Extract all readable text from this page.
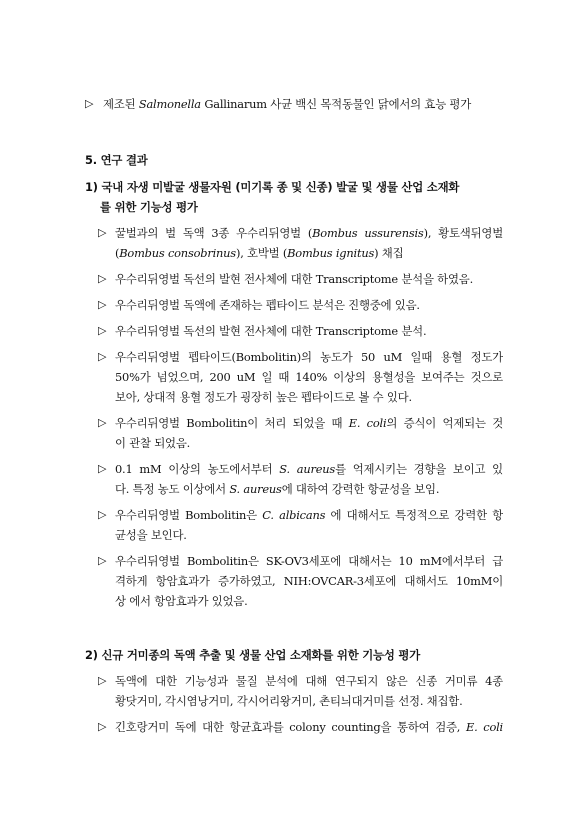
▷ 제조된 Salmonella Gallinarum 사균 백신 목적동물인 닭에서의 효능 평가
5. 연구 결과
1) 국내 자생 미발굴 생물자원 (미기록 종 및 신종) 발굴 및 생물 산업 소재화
를 위한 기능성 평가
▷ 꿀벌과의 벌 독액 3종 우수리뒤영벌 (Bombus ussurensis), 황토색뒤영벌
(Bombus consobrinus), 호박벌 (Bombus ignitus) 채집
▷ 우수리뒤영벌 독선의 발현 전사체에 대한 Transcriptome 분석을 하였음.
▷ 우수리뒤영벌 독액에 존재하는 펩타이드 분석은 진행중에 있음.
▷ 우수리뒤영벌 독선의 발현 전사체에 대한 Transcriptome 분석.
▷ 우수리뒤영벌 펩타이드(Bombolitin)의 농도가 50 uM 일때 용혈 정도가
50%가 넘었으며, 200 uM 일 때 140% 이상의 용혈성을 보여주는 것으로
보아, 상대적 용혈 정도가 굉장히 높은 펩타이드로 볼 수 있다.
▷ 우수리뒤영벌 Bombolitin이 처리 되었을 때 E. coli의 증식이 억제되는 것
이 관찰 되었음.
▷ 0.1 mM 이상의 농도에서부터 S. aureus를 억제시키는 경향을 보이고 있
다. 특정 농도 이상에서 S. aureus에 대하여 강력한 항균성을 보임.
▷ 우수리뒤영벌 Bombolitin은 C. albicans 에 대해서도 특정적으로 강력한 항
균성을 보인다.
▷ 우수리뒤영벌 Bombolitin은 SK-OV3세포에 대해서는 10 mM에서부터 급
격하게 항암효과가 증가하였고, NIH:OVCAR-3세포에 대해서도 10mM이
상 에서 항암효과가 있었음.
2) 신규 거미종의 독액 추출 및 생물 산업 소재화를 위한 기능성 평가
▷ 독액에 대한 기능성과 물질 분석에 대해 연구되지 않은 신종 거미류 4종
황닷거미, 각시염낭거미, 각시어리왕거미, 촌티늬대거미를 선정. 채집함.
▷ 긴호랑거미 독에 대한 항균효과를 colony counting을 통하여 검증, E. coli
